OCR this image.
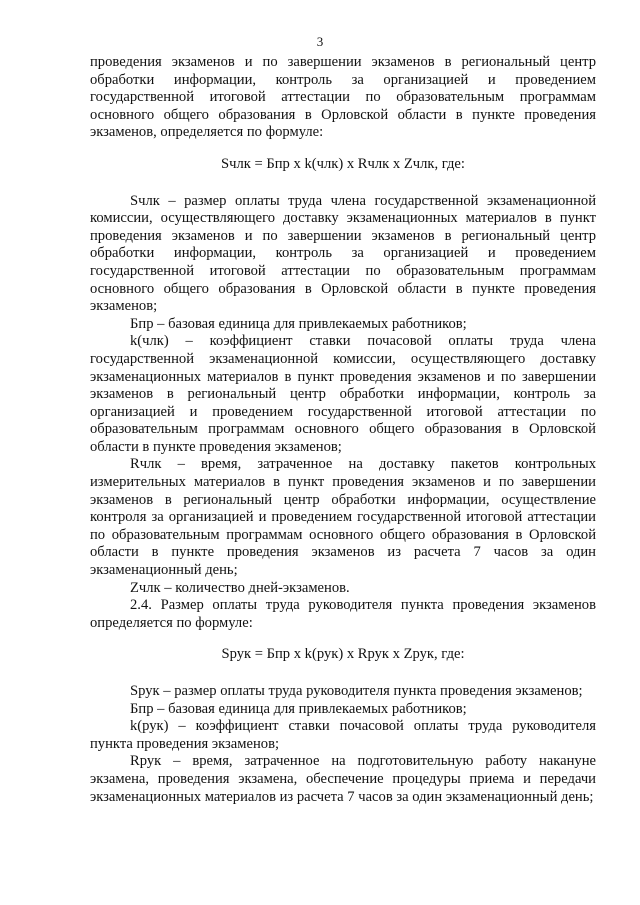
3

проведения экзаменов и по завершении экзаменов в региональный центр обработки информации, контроль за организацией и проведением государственной итоговой аттестации по образовательным программам основного общего образования в Орловской области в пункте проведения экзаменов, определяется по формуле:

Sчлк = Бпр x k(члк) x Rчлк x Zчлк, где:

Sчлк – размер оплаты труда члена государственной экзаменационной комиссии, осуществляющего доставку экзаменационных материалов в пункт проведения экзаменов и по завершении экзаменов в региональный центр обработки информации, контроль за организацией и проведением государственной итоговой аттестации по образовательным программам основного общего образования в Орловской области в пункте проведения экзаменов;

Бпр – базовая единица для привлекаемых работников;

k(члк) – коэффициент ставки почасовой оплаты труда члена государственной экзаменационной комиссии, осуществляющего доставку экзаменационных материалов в пункт проведения экзаменов и по завершении экзаменов в региональный центр обработки информации, контроль за организацией и проведением государственной итоговой аттестации по образовательным программам основного общего образования в Орловской области в пункте проведения экзаменов;

Rчлк – время, затраченное на доставку пакетов контрольных измерительных материалов в пункт проведения экзаменов и по завершении экзаменов в региональный центр обработки информации, осуществление контроля за организацией и проведением государственной итоговой аттестации по образовательным программам основного общего образования в Орловской области в пункте проведения экзаменов из расчета 7 часов за один экзаменационный день;

Zчлк – количество дней-экзаменов.

2.4. Размер оплаты труда руководителя пункта проведения экзаменов определяется по формуле:

Sрук = Бпр x k(рук) x Rрук x Zрук, где:

Sрук – размер оплаты труда руководителя пункта проведения экзаменов;

Бпр – базовая единица для привлекаемых работников;

k(рук) – коэффициент ставки почасовой оплаты труда руководителя пункта проведения экзаменов;

Rрук – время, затраченное на подготовительную работу накануне экзамена, проведения экзамена, обеспечение процедуры приема и передачи экзаменационных материалов из расчета 7 часов за один экзаменационный день;
